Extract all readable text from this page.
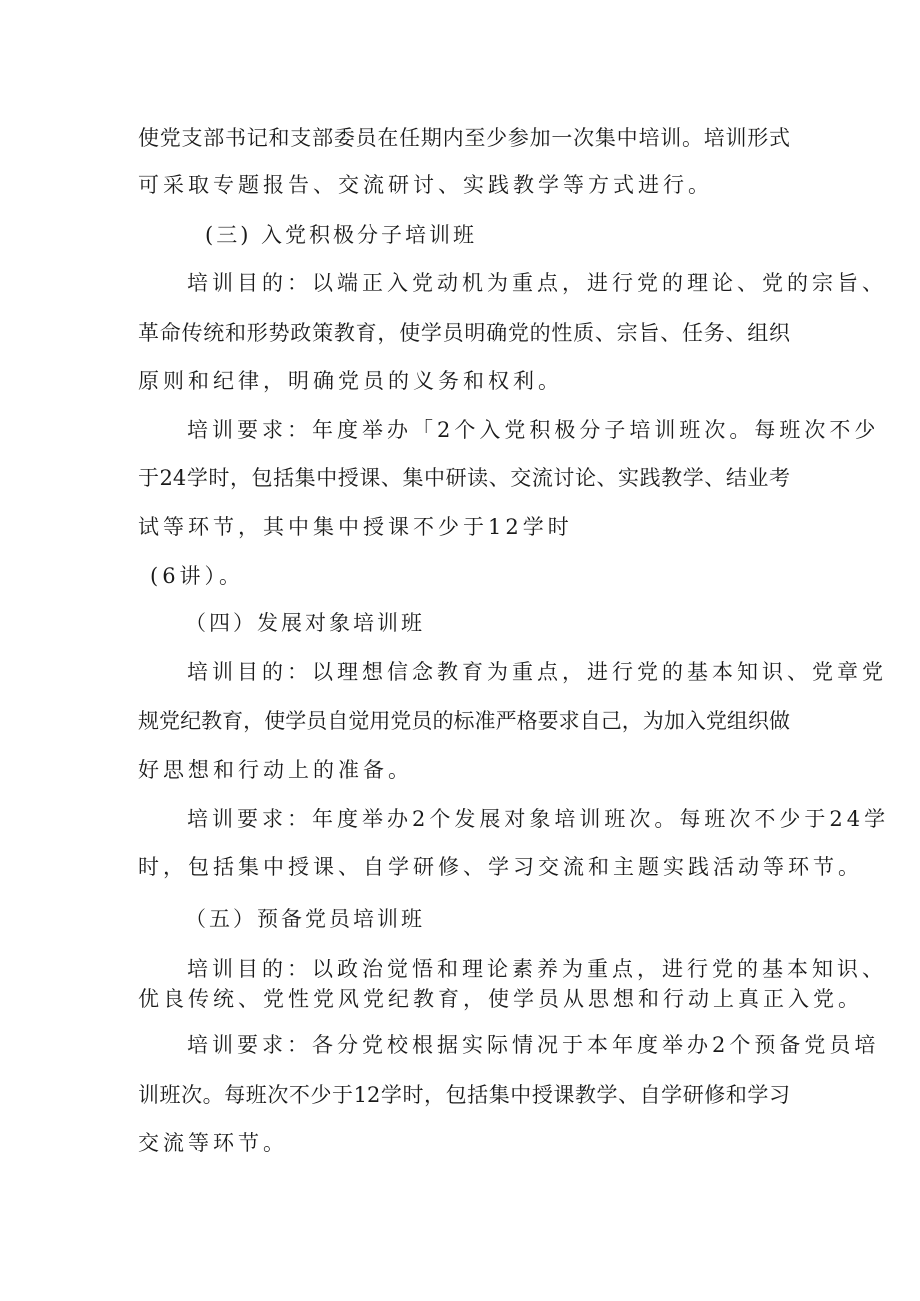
使党支部书记和支部委员在任期内至少参加一次集中培训。培训形式
可采取专题报告、交流研讨、实践教学等方式进行。
(三) 入党积极分子培训班
培训目的：以端正入党动机为重点，进行党的理论、党的宗旨、
革命传统和形势政策教育，使学员明确党的性质、宗旨、任务、组织
原则和纪律，明确党员的义务和权利。
培训要求：年度举办「2个入党积极分子培训班次。每班次不少
于24学时，包括集中授课、集中研读、交流讨论、实践教学、结业考
试等环节，其中集中授课不少于12学时
(6讲）。
（四）发展对象培训班
培训目的：以理想信念教育为重点，进行党的基本知识、党章党
规党纪教育，使学员自觉用党员的标准严格要求自己，为加入党组织做
好思想和行动上的准备。
培训要求：年度举办2个发展对象培训班次。每班次不少于24学
时，包括集中授课、自学研修、学习交流和主题实践活动等环节。
（五）预备党员培训班
培训目的：以政治觉悟和理论素养为重点，进行党的基本知识、
优良传统、党性党风党纪教育，使学员从思想和行动上真正入党。
培训要求：各分党校根据实际情况于本年度举办2个预备党员培
训班次。每班次不少于12学时，包括集中授课教学、自学研修和学习
交流等环节。
